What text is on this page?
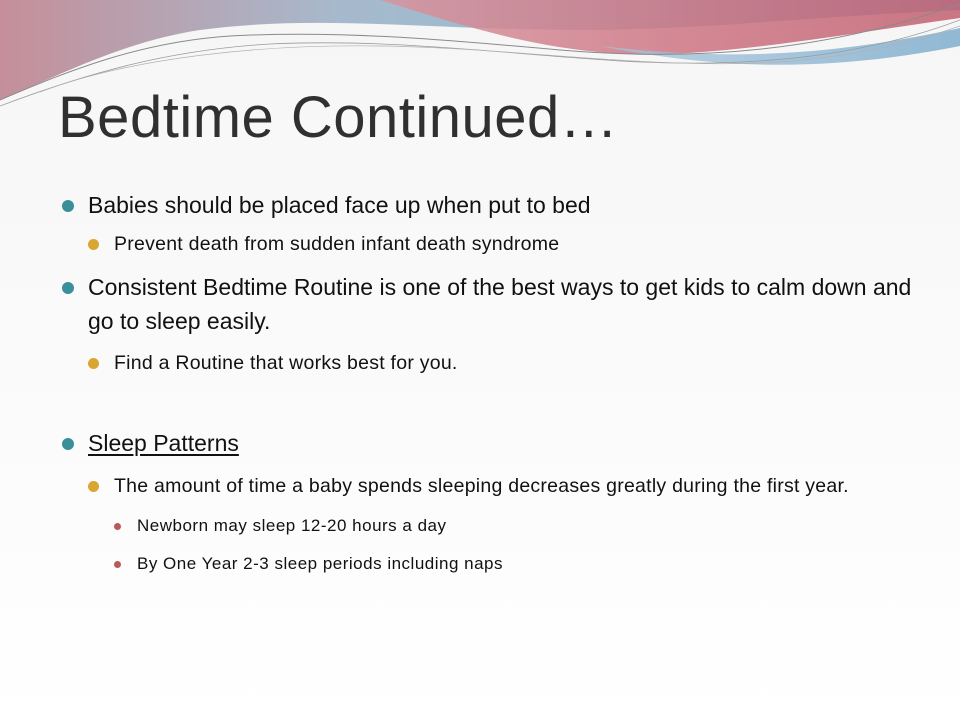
Bedtime Continued…
Babies should be placed face up when put to bed
Prevent death from sudden infant death syndrome
Consistent Bedtime Routine is one of the best ways to get kids to calm down and go to sleep easily.
Find a Routine that works best for you.
Sleep Patterns
The amount of time a baby spends sleeping decreases greatly during the first year.
Newborn may sleep 12-20 hours a day
By One Year 2-3 sleep periods including naps
